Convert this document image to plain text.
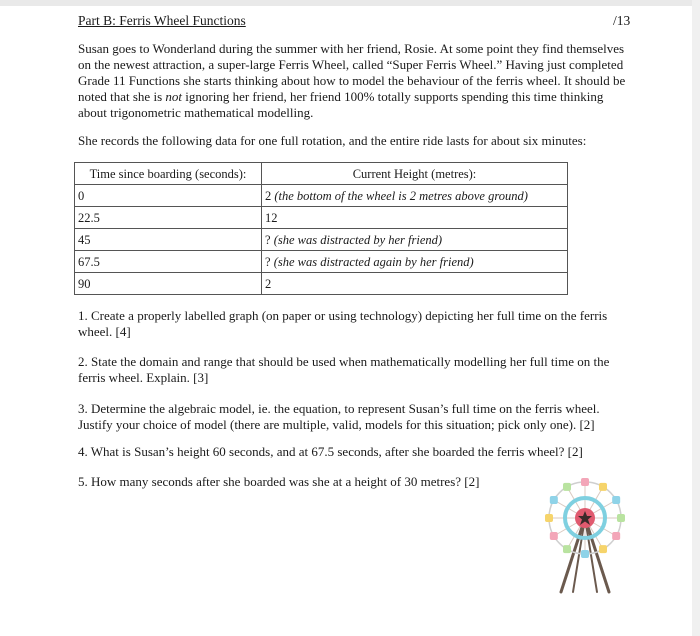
Part B: Ferris Wheel Functions	/13

Susan goes to Wonderland during the summer with her friend, Rosie. At some point they find themselves on the newest attraction, a super-large Ferris Wheel, called “Super Ferris Wheel.” Having just completed Grade 11 Functions she starts thinking about how to model the behaviour of the ferris wheel. It should be noted that she is not ignoring her friend, her friend 100% totally supports spending this time thinking about trigonometric mathematical modelling.

She records the following data for one full rotation, and the entire ride lasts for about six minutes:

Time since boarding (seconds):	Current Height (metres):
0	2 (the bottom of the wheel is 2 metres above ground)
22.5	12
45	? (she was distracted by her friend)
67.5	? (she was distracted again by her friend)
90	2

1. Create a properly labelled graph (on paper or using technology) depicting her full time on the ferris wheel. [4]

2. State the domain and range that should be used when mathematically modelling her full time on the ferris wheel. Explain. [3]

3. Determine the algebraic model, ie. the equation, to represent Susan’s full time on the ferris wheel. Justify your choice of model (there are multiple, valid, models for this situation; pick only one). [2]

4. What is Susan’s height 60 seconds, and at 67.5 seconds, after she boarded the ferris wheel? [2]

5. How many seconds after she boarded was she at a height of 30 metres? [2]
